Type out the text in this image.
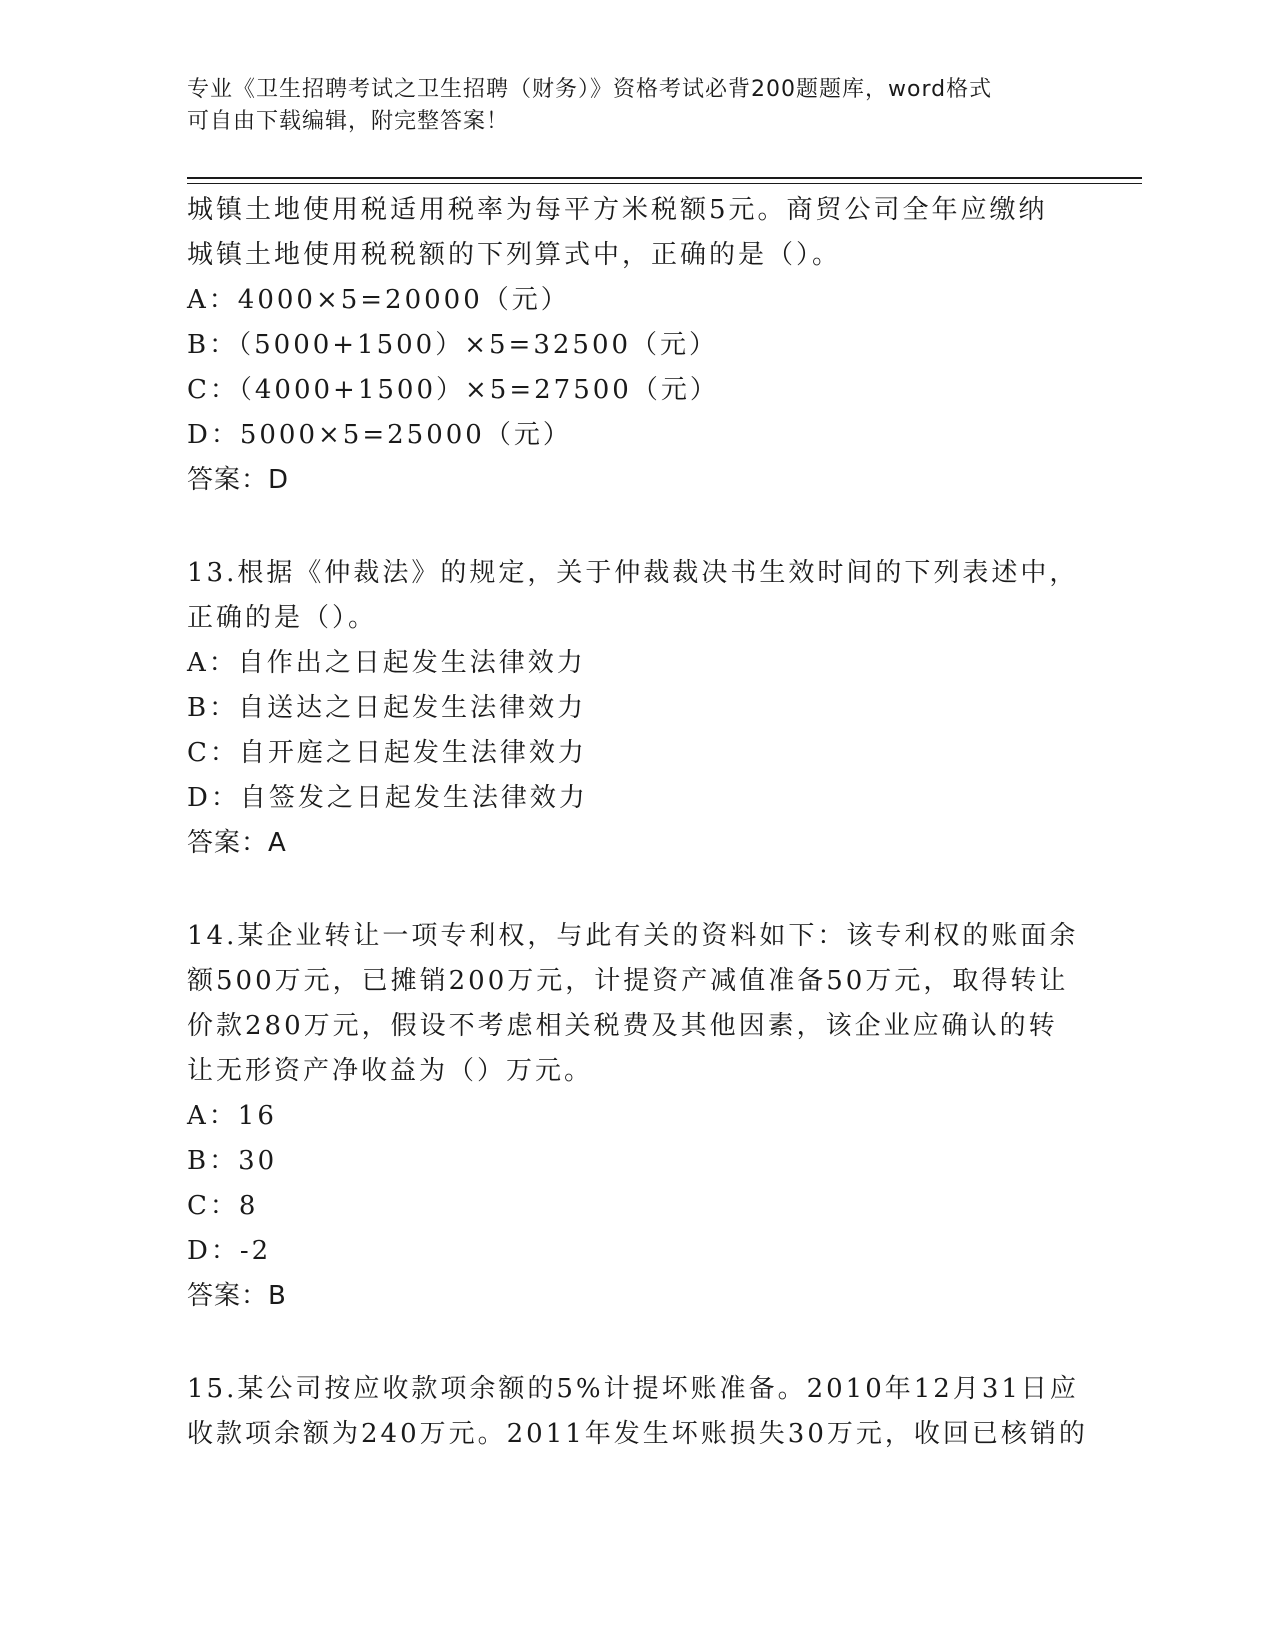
专业《卫生招聘考试之卫生招聘（财务）》资格考试必背200题题库，word格式
可自由下载编辑，附完整答案！
城镇土地使用税适用税率为每平方米税额5元。商贸公司全年应缴纳
城镇土地使用税税额的下列算式中，正确的是（）。
A：4000×5=20000（元）
B：（5000+1500）×5=32500（元）
C：（4000+1500）×5=27500（元）
D：5000×5=25000（元）
答案：D
13.根据《仲裁法》的规定，关于仲裁裁决书生效时间的下列表述中，
正确的是（）。
A：自作出之日起发生法律效力
B：自送达之日起发生法律效力
C：自开庭之日起发生法律效力
D：自签发之日起发生法律效力
答案：A
14.某企业转让一项专利权，与此有关的资料如下：该专利权的账面余
额500万元，已摊销200万元，计提资产减值准备50万元，取得转让
价款280万元，假设不考虑相关税费及其他因素，该企业应确认的转
让无形资产净收益为（）万元。
A：16
B：30
C：8
D：-2
答案：B
15.某公司按应收款项余额的5%计提坏账准备。2010年12月31日应
收款项余额为240万元。2011年发生坏账损失30万元，收回已核销的
